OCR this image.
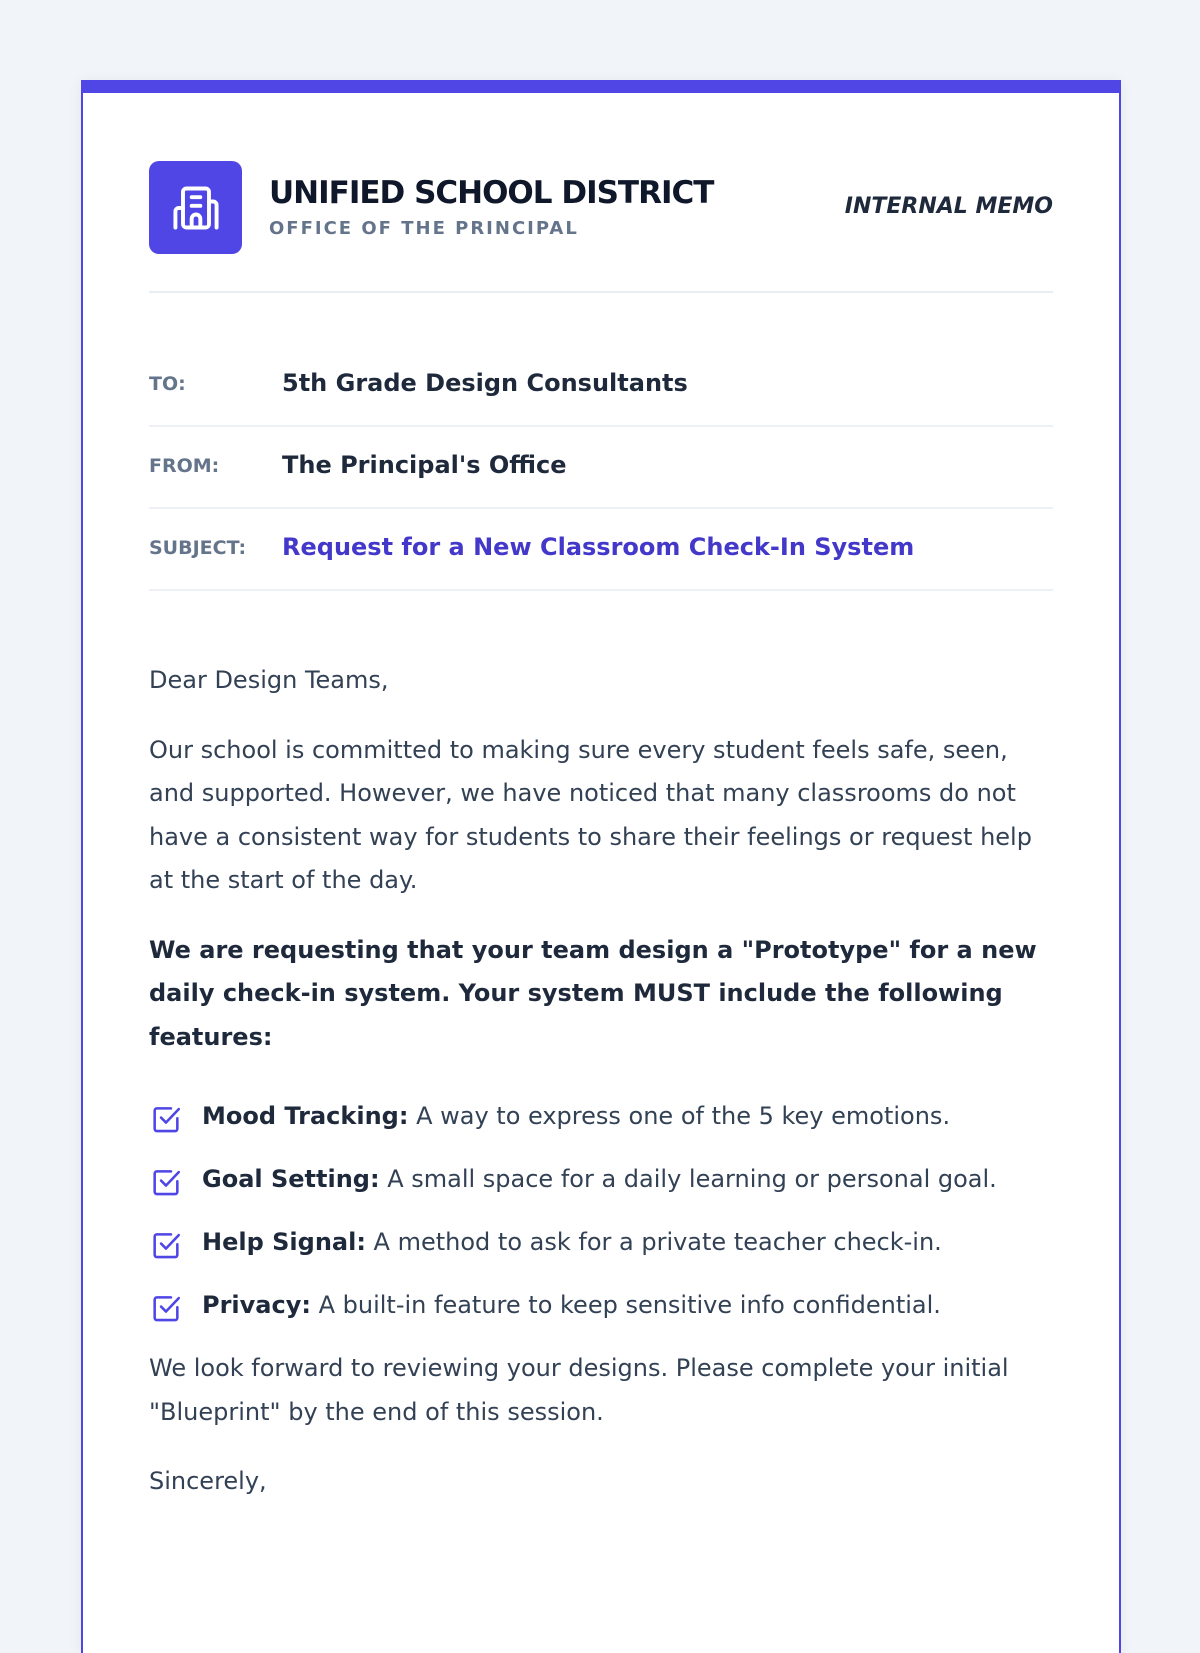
UNIFIED SCHOOL DISTRICT
OFFICE OF THE PRINCIPAL
INTERNAL MEMO
TO:	5th Grade Design Consultants
FROM:	The Principal's Office
SUBJECT: Request for a New Classroom Check-In System

Dear Design Teams,

Our school is committed to making sure every student feels safe, seen, and supported. However, we have noticed that many classrooms do not have a consistent way for students to share their feelings or request help at the start of the day.

We are requesting that your team design a "Prototype" for a new daily check-in system. Your system MUST include the following features:

Mood Tracking: A way to express one of the 5 key emotions.
Goal Setting: A small space for a daily learning or personal goal.
Help Signal: A method to ask for a private teacher check-in.
Privacy: A built-in feature to keep sensitive info confidential.

We look forward to reviewing your designs. Please complete your initial "Blueprint" by the end of this session.

Sincerely,
